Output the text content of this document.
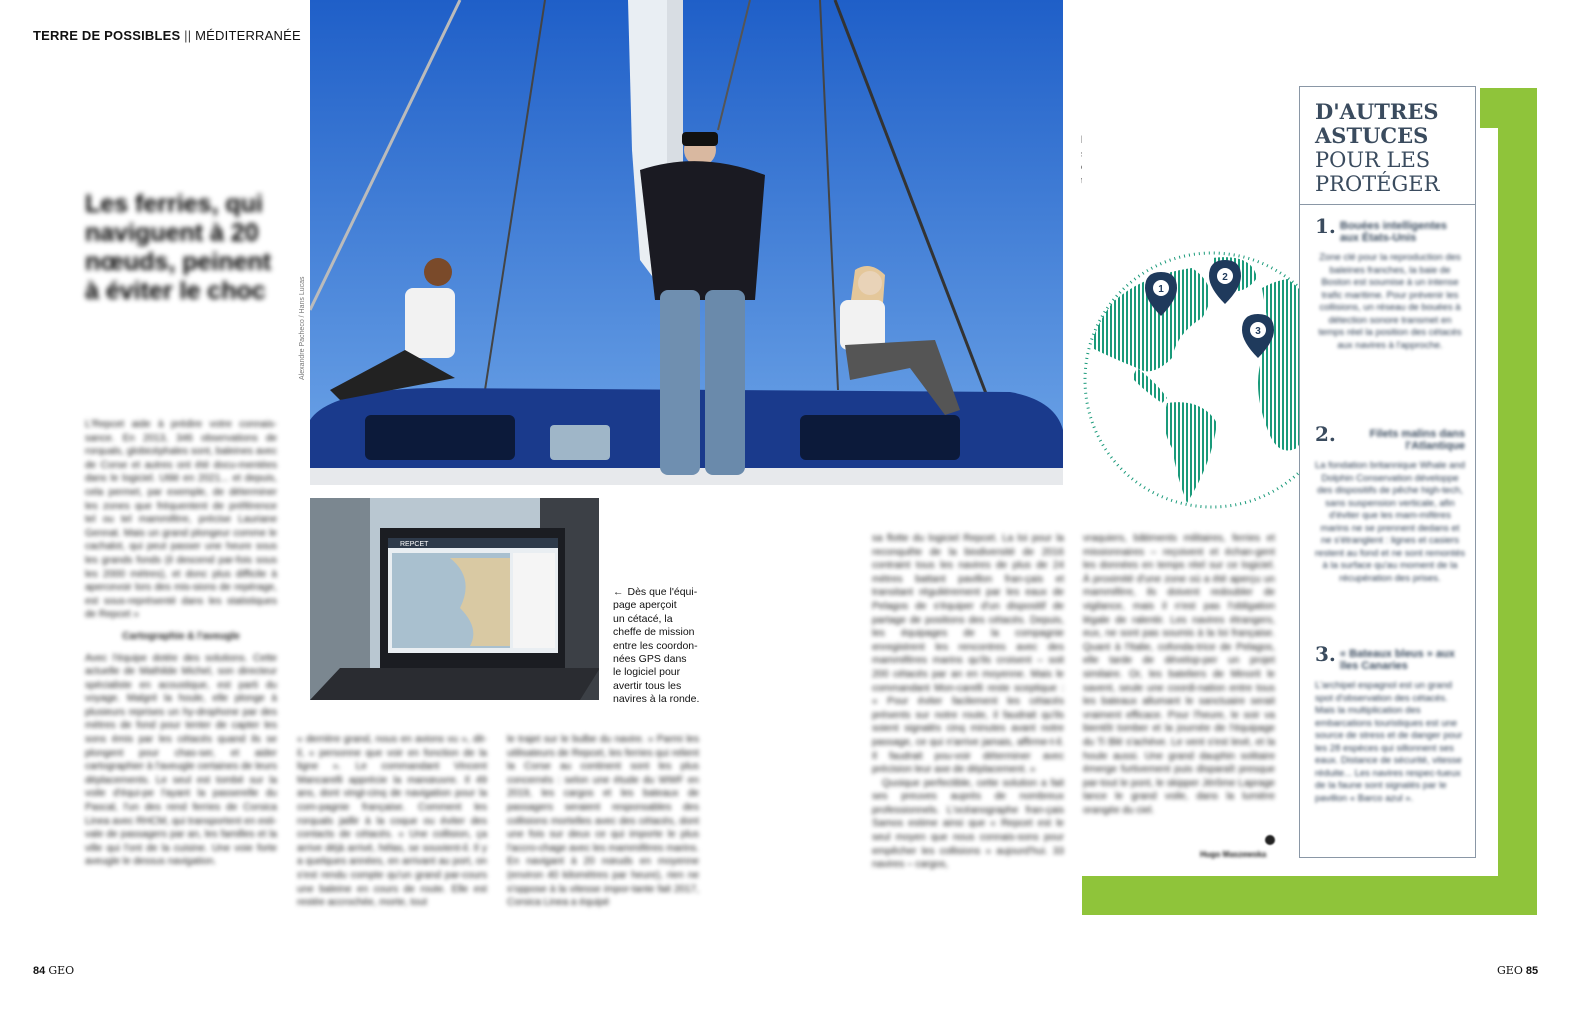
TERRE DE POSSIBLES || MÉDITERRANÉE
Les ferries, qui naviguent à 20 nœuds, peinent à éviter le choc	Alexandre Pacheco / Hans Lucas
REPCET
← Dès que l'équi-
page aperçoit
un cétacé, la
cheffe de mission
entre les coordon-
nées GPS dans
le logiciel pour
avertir tous les
navires à la ronde.

L'Repcet aide à prédire votre connais-sance. En 2013, 346 observations de rorquals, globicéphales sont, baleines avec de Corse et autres ont été docu-mentées dans le logiciel. Utilé en 2021... et depuis, cela permet, par exemple, de déterminer les zones que fréquentent de préférence tel ou tel mammifère, précise Lauriane Gennat. Mais un grand plongeur comme le cachalot, qui peut passer une heure sous les grands fonds (il descend par-fois sous les 2000 mètres), et donc plus difficile à apercevoir lors des mis-sions de repérage, est sous-représenté dans les statistiques de Repcet »

Cartographie & l'aveugle

Avec l'équipe dotée des solutions. Cette actuelle de Mathilde Michel, son directeur spécialiste en acoustique, est parti du voyage. Malgré la houle, elle plonge à plusieurs reprises un hy-drophone par des mètres de fond pour tenter de capter les sons émis par les cétacés quand ils se plongent pour chas-ser, et aider cartographier à l'aveugle certaines de leurs déplacements. Le seul est tombé sur la voile d'équi-pe l'ayant la passerelle du Pascal, l'un des rend ferries de Corsica Linea avec RHCM, qui transportent en esti-vale de passagers par an, les familles et la ville qui l'ont de la cuisine. Une voie forte aveugle le dessus navigation.

« derrière grand, nous en avions vu », dit-il, « personne que voir en fonction de la ligne ». Le commandant Vincent Mancarelli apprécie la manœuvre. Il 49 ans, dont vingt-cinq de navigation pour la com-pagnie française. Comment les rorquals jaillir à la coque ou éviter des contacts de cétacés. « Une collision, ça arrive déjà arrivé, hélas, se souvient-il. Il y a quelques années, en arrivant au port, on s'est rendu compte qu'un grand par-cours une baleine en cours de route. Elle est restée accrochée, morte, tout

le trajet sur le bulbe du navire. » Parmi les utilisateurs de Repcet, les ferries qui relient la Corse au continent sont les plus concernés : selon une étude du WWF en 2019, les cargos et les bateaux de passagers seraient responsables des collisions mortelles avec des cétacés, dont une fois sur deux ce qui importe le plus l'accro-chage avec les mammifères marins. En navigant à 20 nœuds en moyenne (environ 40 kilomètres par heure), rien ne s'oppose à la vitesse impor-tante fait 2017, Corsica Linea a équipé

sa flotte du logiciel Repcet. La loi pour la reconquête de la biodiversité de 2016 contraint tous les navires de plus de 24 mètres battant pavillon fran-çais et transitant régulièrement par les eaux de Pelagos de s'équiper d'un dispositif de partage de positions des cétacés. Depuis, les équipages de la compagnie enregistrent les rencontres avec des mammifères marins qu'ils croisent – soit 200 cétacés par an en moyenne. Mais le commandant Mon-carelli reste sceptique : « Pour éviter facilement les cétacés présents sur notre route, il faudrait qu'ils soient signalés cinq minutes avant notre passage, ce qui n'arrive jamais, affirme-t-il. Il faudrait pou-voir déterminer avec précision leur axe de déplacement. »

Quoique perfectible, cette solution a fait ses preuves auprès de nombreux professionnels. L'océanographe fran-çais Samos estime ainsi que « Repcet est le seul moyen que nous connais-sons pour empêcher les collisions » aujourd'hui. 33 navires – cargos,

vraquiers, bâtiments militaires, ferries et missionnaires – reçoivent et échan-gent les données en temps réel sur ce logiciel. À proximité d'une zone où a été aperçu un mammifère, ils doivent redoubler de vigilance, mais il n'est pas l'obligation légale de ralentir. Les navires étrangers, eux, ne sont pas soumis à la loi française. Quant à l'Italie, cofonda-trice de Pelagos, elle tarde de dévelop-per un projet similaire. Or, les bateliers de Minorit le savent, seule une coordi-nation entre tous les bateaux allumant le sanctuaire serait vraiment efficace. Pour l'heure, le soir va bientôt tomber et la journée de l'équipage du Ti Blé s'achève. Le vent s'est levé, et la houle aussi. Une grand dauphin solitaire émerge furtivement puis disparaît presque par-tout le pont, le skipper Jérôme Laprage lance le grand voile, dans la lumière orangée du ciel.

Hugo Maszewska
1
2
3
D'AUTRES
ASTUCES
POUR LES
PROTÉGER
1. Bouées intelligentes aux États-Unis
Zone clé pour la reproduction des baleines franches, la baie de Boston est soumise à un intense trafic maritime. Pour prévenir les collisions, un réseau de bouées à détection sonore transmet en temps réel la position des cétacés aux navires à l'approche.
2.	Filets malins dans l'Atlantique
La fondation britannique Whale and Dolphin Conservation développe des dispositifs de pêche high-tech, sans suspension verticale, afin d'éviter que les mam-mifères marins ne se prennent dedans et ne s'étranglent : lignes et casiers restent au fond et ne sont remontés à la surface qu'au moment de la récupération des prises.
3. « Bateaux bleus » aux îles Canaries
L'archipel espagnol est un grand spot d'observation des cétacés. Mais la multiplication des embarcations touristiques est une source de stress et de danger pour les 28 espèces qui sillonnent ses eaux. Distance de sécurité, vitesse réduite... Les navires respec-tueux de la faune sont signalés par le pavillon « Barco azul ».
84 GEO	GEO 85
